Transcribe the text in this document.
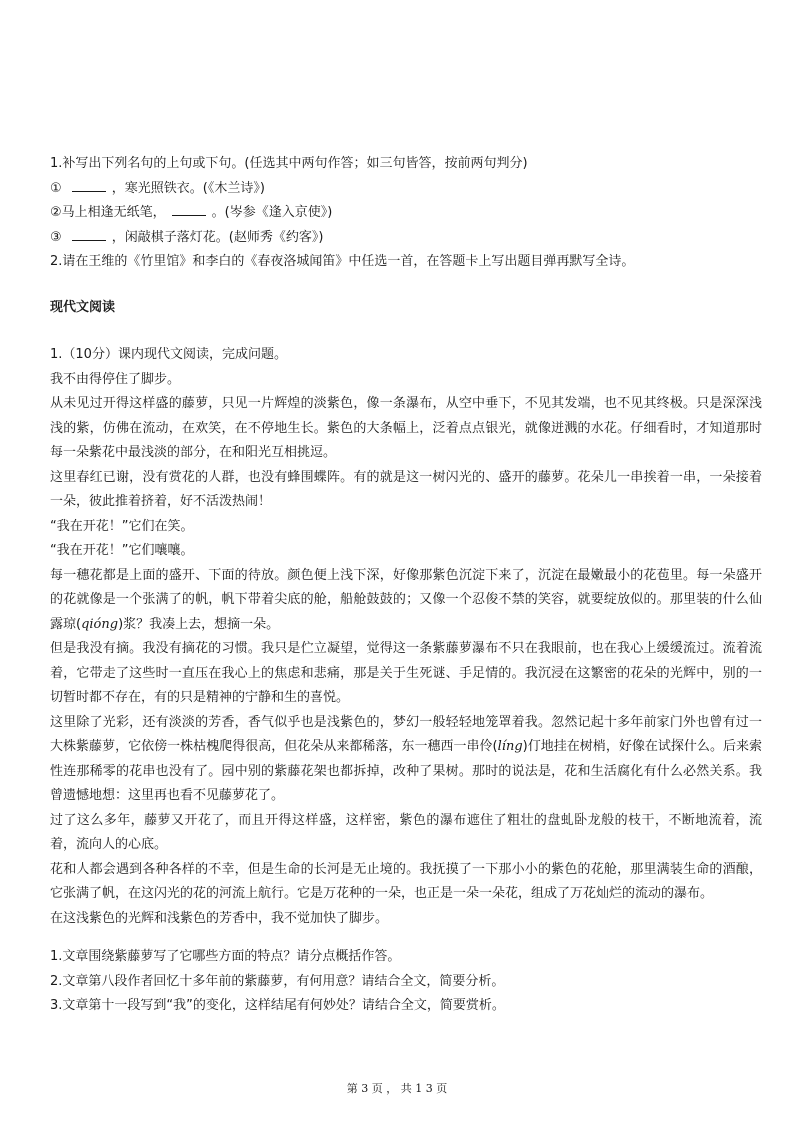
1.补写出下列名句的上句或下句。(任选其中两句作答；如三句皆答，按前两句判分)
①	，寒光照铁衣。(《木兰诗》)
②马上相逢无纸笔，	。(岑参《逢入京使》)
③	，闲敲棋子落灯花。(赵师秀《约客》)
2.请在王维的《竹里馆》和李白的《春夜洛城闻笛》中任选一首，在答题卡上写出题目弹再默写全诗。
现代文阅读
1.（10分）课内现代文阅读，完成问题。
我不由得停住了脚步。
从未见过开得这样盛的藤萝，只见一片辉煌的淡紫色，像一条瀑布，从空中垂下，不见其发端，也不见其终极。只是深深浅浅的紫，仿佛在流动，在欢笑，在不停地生长。紫色的大条幅上，泛着点点银光，就像迸溅的水花。仔细看时，才知道那时每一朵紫花中最浅淡的部分，在和阳光互相挑逗。
这里春红已谢，没有赏花的人群，也没有蜂围蝶阵。有的就是这一树闪光的、盛开的藤萝。花朵儿一串挨着一串，一朵接着一朵，彼此推着挤着，好不活泼热闹！
“我在开花！”它们在笑。
“我在开花！”它们嚷嚷。
每一穗花都是上面的盛开、下面的待放。颜色便上浅下深，好像那紫色沉淀下来了，沉淀在最嫩最小的花苞里。每一朵盛开的花就像是一个张满了的帆，帆下带着尖底的舱，船舱鼓鼓的；又像一个忍俊不禁的笑容，就要绽放似的。那里装的什么仙露琼(qióng)浆？我凑上去，想摘一朵。
但是我没有摘。我没有摘花的习惯。我只是伫立凝望，觉得这一条紫藤萝瀑布不只在我眼前，也在我心上缓缓流过。流着流着，它带走了这些时一直压在我心上的焦虑和悲痛，那是关于生死谜、手足情的。我沉浸在这繁密的花朵的光辉中，别的一切暂时都不存在，有的只是精神的宁静和生的喜悦。
这里除了光彩，还有淡淡的芳香，香气似乎也是浅紫色的，梦幻一般轻轻地笼罩着我。忽然记起十多年前家门外也曾有过一大株紫藤萝，它依傍一株枯槐爬得很高，但花朵从来都稀落，东一穗西一串伶(líng)仃地挂在树梢，好像在试探什么。后来索性连那稀零的花串也没有了。园中别的紫藤花架也都拆掉，改种了果树。那时的说法是，花和生活腐化有什么必然关系。我曾遗憾地想：这里再也看不见藤萝花了。
过了这么多年，藤萝又开花了，而且开得这样盛，这样密，紫色的瀑布遮住了粗壮的盘虬卧龙般的枝干，不断地流着，流着，流向人的心底。
花和人都会遇到各种各样的不幸，但是生命的长河是无止境的。我抚摸了一下那小小的紫色的花舱，那里满装生命的酒酿，它张满了帆，在这闪光的花的河流上航行。它是万花种的一朵，也正是一朵一朵花，组成了万花灿烂的流动的瀑布。
在这浅紫色的光辉和浅紫色的芳香中，我不觉加快了脚步。
1.文章围绕紫藤萝写了它哪些方面的特点？请分点概括作答。
2.文章第八段作者回忆十多年前的紫藤萝，有何用意？请结合全文，简要分析。
3.文章第十一段写到“我”的变化，这样结尾有何妙处？请结合全文，简要赏析。
第 3 页 ， 共 1 3 页
